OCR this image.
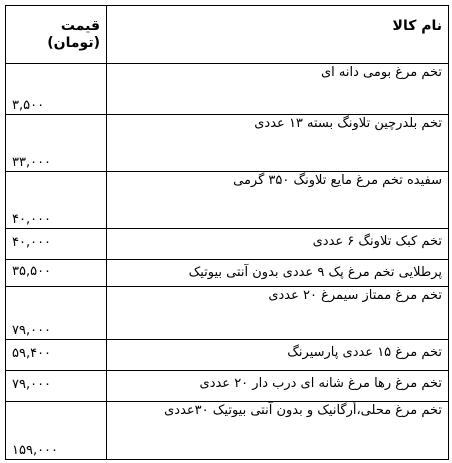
نام کالا	قیمت (تومان)
تخم مرغ بومی دانه ای	۳,۵۰۰
تخم بلدرچین تلاونگ بسته ۱۳ عددی	۳۳,۰۰۰
سفیده تخم مرغ مایع تلاونگ ۳۵۰ گرمی	۴۰,۰۰۰
تخم کبک تلاونگ ۶ عددی	۴۰,۰۰۰
پرطلایی تخم مرغ پک ۹ عددی بدون آنتی بیوتیک	۳۵,۵۰۰
تخم مرغ ممتاز سیمرغ ۲۰ عددی	۷۹,۰۰۰
تخم مرغ ۱۵ عددی پارسیرنگ	۵۹,۴۰۰
تخم مرغ رها مرغ شانه ای درب دار ۲۰ عددی	۷۹,۰۰۰
تخم مرغ محلی،أرگانیک و بدون آنتی بیوتیک ۳۰عددی	۱۵۹,۰۰۰
